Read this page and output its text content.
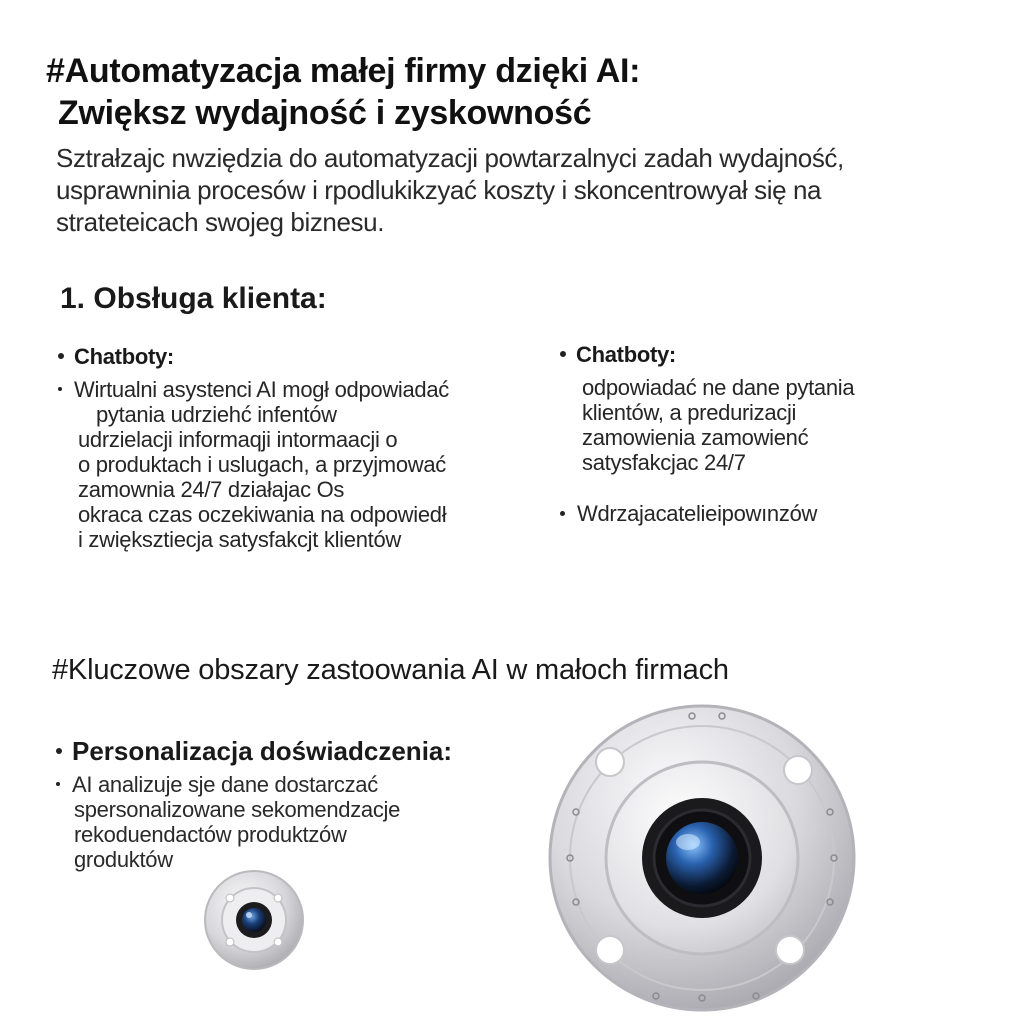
#Automatyzacja małej firmy dzięki AI:
Zwiększ wydajność i zyskowność
Sztrałzajc nwziędzia do automatyzacji powtarzalnyci zadah wydajność,
usprawninia procesów i rpodlukikzyać koszty i skoncentrowyał się na
strateteicach swojeg biznesu.
1. Obsługa klienta:
Chatboty:
Wirtualni asystenci AI mogł odpowiadać
pytania udrziehć infentów
udrzielacji informaqji intormaacji o
o produktach i uslugach, a przyjmować
zamownia 24/7 działajac Os
okraca czas oczekiwania na odpowiedł
i zwiększtiecja satysfakcjt klientów
Chatboty:
odpowiadać ne dane pytania
klientów, a predurizacji
zamowienia zamowienć
satysfakcjac 24/7
Wdrzajacatelieipowınzów
#Kluczowe obszary zastoowania AI w małoch firmach
Personalizacja doświadczenia:
AI analizuje sje dane dostarczać
spersonalizowane sekomendzacje
rekoduendactów produktzów
groduktów
